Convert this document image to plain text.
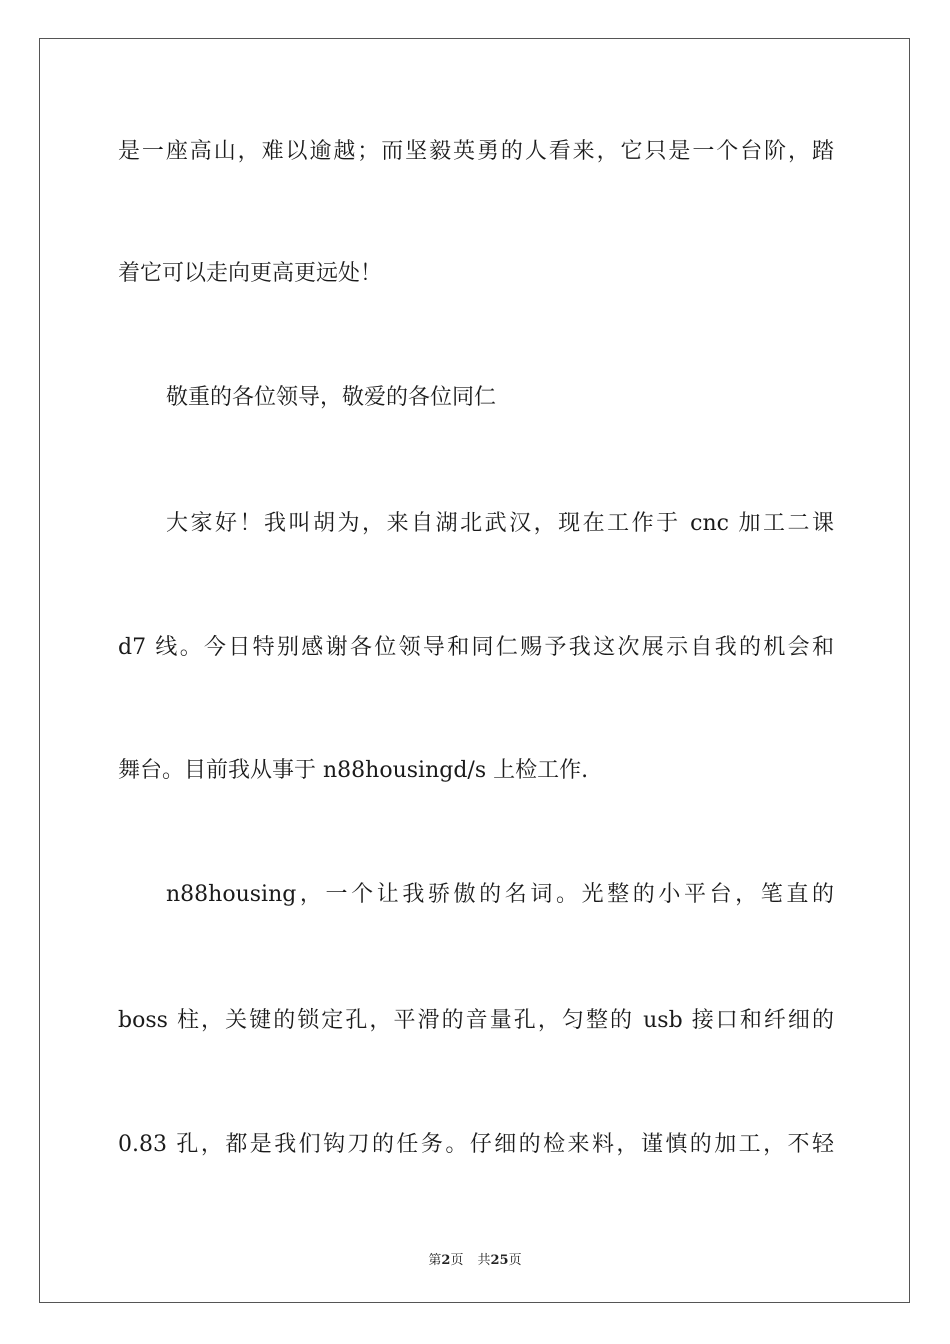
是一座高山，难以逾越；而坚毅英勇的人看来，它只是一个台阶，踏
着它可以走向更高更远处！
敬重的各位领导，敬爱的各位同仁
大家好！我叫胡为，来自湖北武汉，现在工作于 cnc 加工二课
d7 线。今日特别感谢各位领导和同仁赐予我这次展示自我的机会和
舞台。目前我从事于 n88housingd/s 上检工作.
n88housing，一个让我骄傲的名词。光整的小平台，笔直的
boss 柱，关键的锁定孔，平滑的音量孔，匀整的 usb 接口和纤细的
0.83 孔，都是我们钩刀的任务。仔细的检来料，谨慎的加工，不轻
第2页 共25页
